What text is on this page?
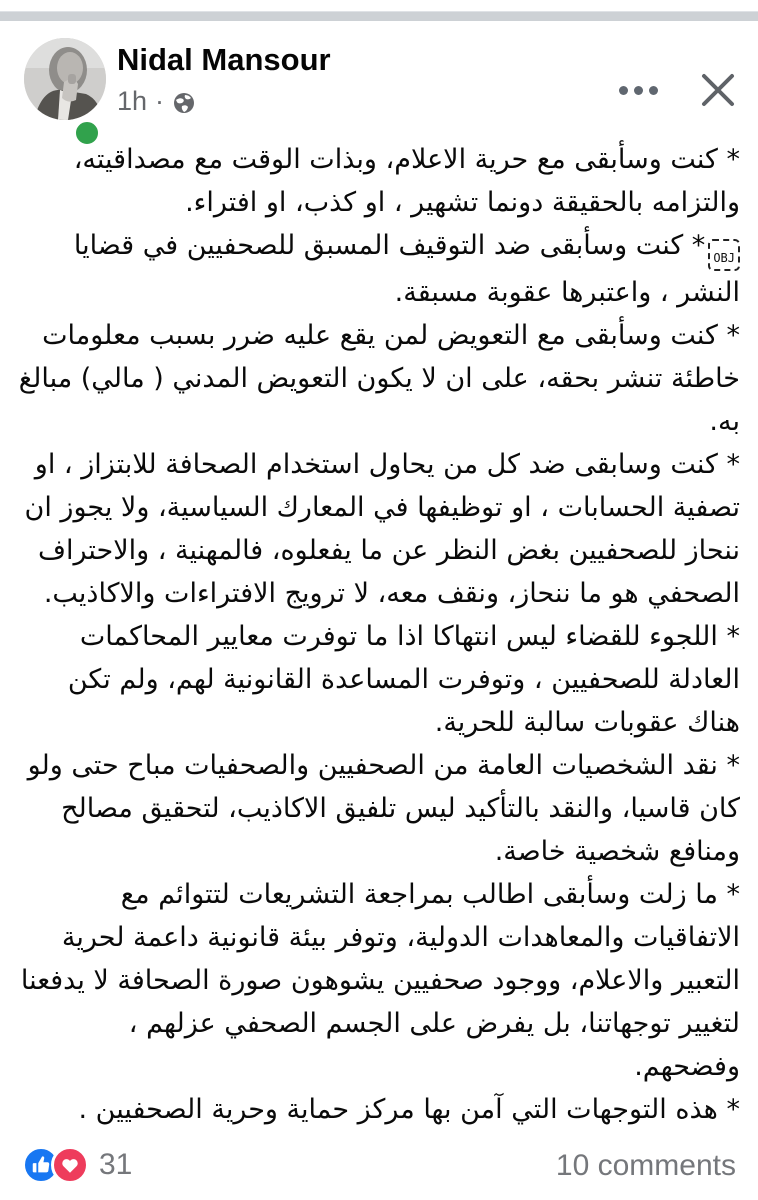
Nidal Mansour
1h ·

* كنت وسأبقى مع حرية الاعلام، وبذات الوقت مع مصداقيته، والتزامه بالحقيقة دونما تشهير ، او كذب، او افتراء.

OBJ* كنت وسأبقى ضد التوقيف المسبق للصحفيين في قضايا النشر ، واعتبرها عقوبة مسبقة.

* كنت وسأبقى مع التعويض لمن يقع عليه ضرر بسبب معلومات خاطئة تنشر بحقه، على ان لا يكون التعويض المدني ( مالي) مبالغ به.

* كنت وسابقى ضد كل من يحاول استخدام الصحافة للابتزاز ، او تصفية الحسابات ، او توظيفها في المعارك السياسية، ولا يجوز ان ننحاز للصحفيين بغض النظر عن ما يفعلوه، فالمهنية ، والاحتراف الصحفي هو ما ننحاز، ونقف معه، لا ترويج الافتراءات والاكاذيب.

* اللجوء للقضاء ليس انتهاكا اذا ما توفرت معايير المحاكمات العادلة للصحفيين ، وتوفرت المساعدة القانونية لهم، ولم تكن هناك عقوبات سالبة للحرية.

* نقد الشخصيات العامة من الصحفيين والصحفيات مباح حتى ولو كان قاسيا، والنقد بالتأكيد ليس تلفيق الاكاذيب، لتحقيق مصالح ومنافع شخصية خاصة.

* ما زلت وسأبقى اطالب بمراجعة التشريعات لتتوائم مع الاتفاقيات والمعاهدات الدولية، وتوفر بيئة قانونية داعمة لحرية التعبير والاعلام، ووجود صحفيين يشوهون صورة الصحافة لا يدفعنا لتغيير توجهاتنا، بل يفرض على الجسم الصحفي عزلهم ، وفضحهم.

* هذه التوجهات التي آمن بها مركز حماية وحرية الصحفيين .

31	10 comments
